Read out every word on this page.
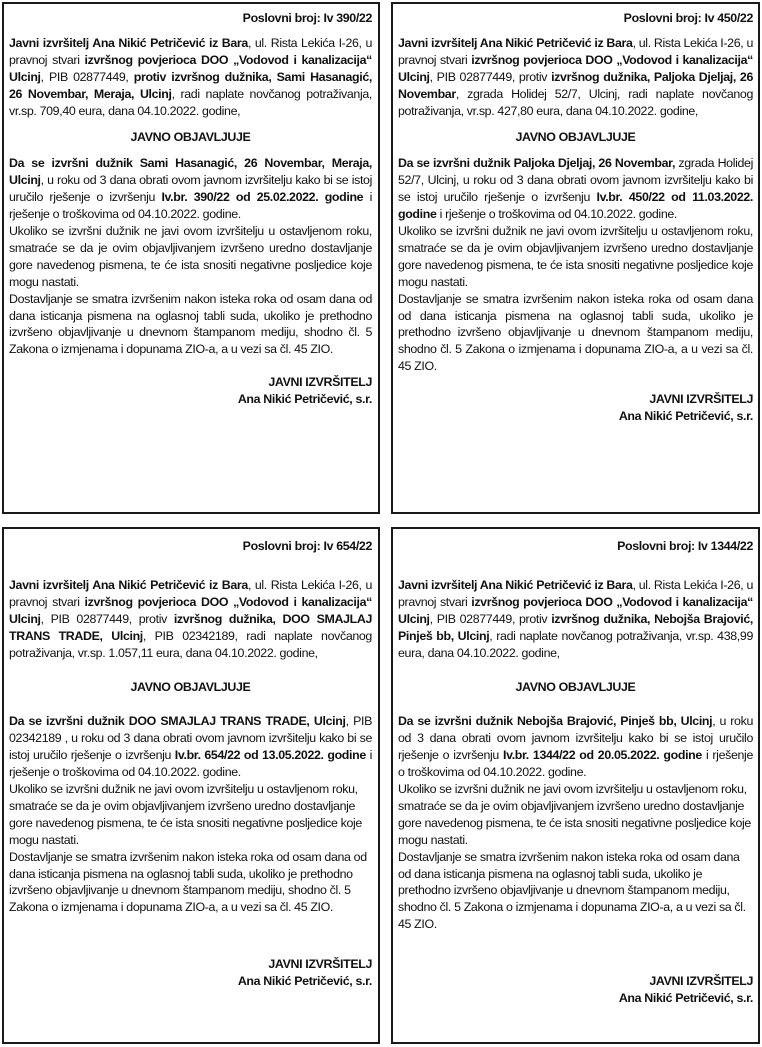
Poslovni broj: Iv 390/22

Javni izvršitelj Ana Nikić Petričević iz Bara, ul. Rista Lekića I-26, u pravnoj stvari izvršnog povjerioca DOO „Vodovod i kanalizacija“ Ulcinj, PIB 02877449, protiv izvršnog dužnika, Sami Hasanagić, 26 Novembar, Meraja, Ulcinj, radi naplate novčanog potraživanja, vr.sp. 709,40 eura, dana 04.10.2022. godine,

JAVNO OBJAVLJUJE

Da se izvršni dužnik Sami Hasanagić, 26 Novembar, Meraja, Ulcinj, u roku od 3 dana obrati ovom javnom izvršitelju kako bi se istoj uručilo rješenje o izvršenju Iv.br. 390/22 od 25.02.2022. godine i rješenje o troškovima od 04.10.2022. godine.

Ukoliko se izvršni dužnik ne javi ovom izvršitelju u ostavljenom roku, smatraće se da je ovim objavljivanjem izvršeno uredno dostavljanje gore navedenog pismena, te će ista snositi negativne posljedice koje mogu nastati.

Dostavljanje se smatra izvršenim nakon isteka roka od osam dana od dana isticanja pismena na oglasnoj tabli suda, ukoliko je prethodno izvršeno objavljivanje u dnevnom štampanom mediju, shodno čl. 5 Zakona o izmjenama i dopunama ZIO-a, a u vezi sa čl. 45 ZIO.

JAVNI IZVRŠITELJ
Ana Nikić Petričević, s.r.
Poslovni broj: Iv 450/22

Javni izvršitelj Ana Nikić Petričević iz Bara, ul. Rista Lekića I-26, u pravnoj stvari izvršnog povjerioca DOO „Vodovod i kanalizacija“ Ulcinj, PIB 02877449, protiv izvršnog dužnika, Paljoka Djeljaj, 26 Novembar, zgrada Holidej 52/7, Ulcinj, radi naplate novčanog potraživanja, vr.sp. 427,80 eura, dana 04.10.2022. godine,

JAVNO OBJAVLJUJE

Da se izvršni dužnik Paljoka Djeljaj, 26 Novembar, zgrada Holidej 52/7, Ulcinj, u roku od 3 dana obrati ovom javnom izvršitelju kako bi se istoj uručilo rješenje o izvršenju Iv.br. 450/22 od 11.03.2022. godine i rješenje o troškovima od 04.10.2022. godine.

Ukoliko se izvršni dužnik ne javi ovom izvršitelju u ostavljenom roku, smatraće se da je ovim objavljivanjem izvršeno uredno dostavljanje gore navedenog pismena, te će ista snositi negativne posljedice koje mogu nastati.

Dostavljanje se smatra izvršenim nakon isteka roka od osam dana od dana isticanja pismena na oglasnoj tabli suda, ukoliko je prethodno izvršeno objavljivanje u dnevnom štampanom mediju, shodno čl. 5 Zakona o izmjenama i dopunama ZIO-a, a u vezi sa čl. 45 ZIO.

JAVNI IZVRŠITELJ
Ana Nikić Petričević, s.r.
Poslovni broj: Iv 654/22

Javni izvršitelj Ana Nikić Petričević iz Bara, ul. Rista Lekića I-26, u pravnoj stvari izvršnog povjerioca DOO „Vodovod i kanalizacija“ Ulcinj, PIB 02877449, protiv izvršnog dužnika, DOO SMAJLAJ TRANS TRADE, Ulcinj, PIB 02342189, radi naplate novčanog potraživanja, vr.sp. 1.057,11 eura, dana 04.10.2022. godine,

JAVNO OBJAVLJUJE

Da se izvršni dužnik DOO SMAJLAJ TRANS TRADE, Ulcinj, PIB 02342189 , u roku od 3 dana obrati ovom javnom izvršitelju kako bi se istoj uručilo rješenje o izvršenju Iv.br. 654/22 od 13.05.2022. godine i rješenje o troškovima od 04.10.2022. godine.

Ukoliko se izvršni dužnik ne javi ovom izvršitelju u ostavljenom roku, smatraće se da je ovim objavljivanjem izvršeno uredno dostavljanje gore navedenog pismena, te će ista snositi negativne posljedice koje mogu nastati.

Dostavljanje se smatra izvršenim nakon isteka roka od osam dana od dana isticanja pismena na oglasnoj tabli suda, ukoliko je prethodno izvršeno objavljivanje u dnevnom štampanom mediju, shodno čl. 5 Zakona o izmjenama i dopunama ZIO-a, a u vezi sa čl. 45 ZIO.

JAVNI IZVRŠITELJ
Ana Nikić Petričević, s.r.
Poslovni broj: Iv 1344/22

Javni izvršitelj Ana Nikić Petričević iz Bara, ul. Rista Lekića I-26, u pravnoj stvari izvršnog povjerioca DOO „Vodovod i kanalizacija“ Ulcinj, PIB 02877449, protiv izvršnog dužnika, Nebojša Brajović, Pinješ bb, Ulcinj, radi naplate novčanog potraživanja, vr.sp. 438,99 eura, dana 04.10.2022. godine,

JAVNO OBJAVLJUJE

Da se izvršni dužnik Nebojša Brajović, Pinješ bb, Ulcinj, u roku od 3 dana obrati ovom javnom izvršitelju kako bi se istoj uručilo rješenje o izvršenju Iv.br. 1344/22 od 20.05.2022. godine i rješenje o troškovima od 04.10.2022. godine.

Ukoliko se izvršni dužnik ne javi ovom izvršitelju u ostavljenom roku, smatraće se da je ovim objavljivanjem izvršeno uredno dostavljanje gore navedenog pismena, te će ista snositi negativne posljedice koje mogu nastati.

Dostavljanje se smatra izvršenim nakon isteka roka od osam dana od dana isticanja pismena na oglasnoj tabli suda, ukoliko je prethodno izvršeno objavljivanje u dnevnom štampanom mediju, shodno čl. 5 Zakona o izmjenama i dopunama ZIO-a, a u vezi sa čl. 45 ZIO.

JAVNI IZVRŠITELJ
Ana Nikić Petričević, s.r.
